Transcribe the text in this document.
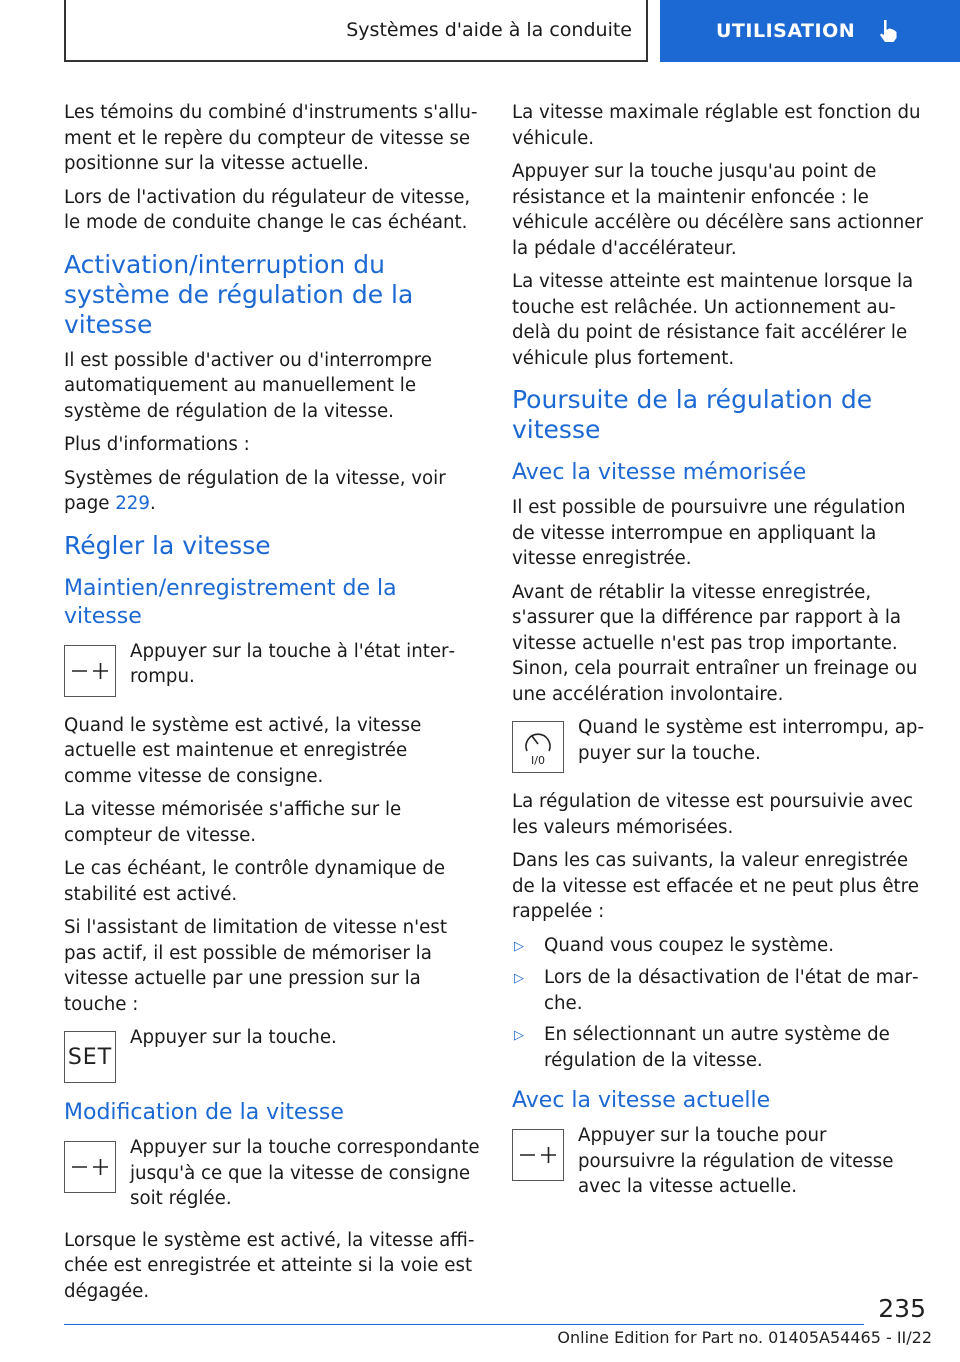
Systèmes d'aide à la conduite	UTILISATION

Les témoins du combiné d'instruments s'allument et le repère du compteur de vitesse se positionne sur la vitesse actuelle.

Lors de l'activation du régulateur de vitesse, le mode de conduite change le cas échéant.

Activation/interruption du système de régulation de la vitesse

Il est possible d'activer ou d'interrompre automatiquement au manuellement le système de régulation de la vitesse.

Plus d'informations :

Systèmes de régulation de la vitesse, voir page 229.

Régler la vitesse
Maintien/enregistrement de la vitesse

Appuyer sur la touche à l'état interrompu.

Quand le système est activé, la vitesse actuelle est maintenue et enregistrée comme vitesse de consigne.

La vitesse mémorisée s'affiche sur le compteur de vitesse.

Le cas échéant, le contrôle dynamique de stabilité est activé.

Si l'assistant de limitation de vitesse n'est pas actif, il est possible de mémoriser la vitesse actuelle par une pression sur la touche :

SET

Appuyer sur la touche.

Modification de la vitesse

Appuyer sur la touche correspondante jusqu'à ce que la vitesse de consigne soit réglée.

Lorsque le système est activé, la vitesse affichée est enregistrée et atteinte si la voie est dégagée.

La vitesse maximale réglable est fonction du véhicule.

Appuyer sur la touche jusqu'au point de résistance et la maintenir enfoncée : le véhicule accélère ou décélère sans actionner la pédale d'accélérateur.

La vitesse atteinte est maintenue lorsque la touche est relâchée. Un actionnement au-delà du point de résistance fait accélérer le véhicule plus fortement.

Poursuite de la régulation de vitesse
Avec la vitesse mémorisée

Il est possible de poursuivre une régulation de vitesse interrompue en appliquant la vitesse enregistrée.

Avant de rétablir la vitesse enregistrée, s'assurer que la différence par rapport à la vitesse actuelle n'est pas trop importante. Sinon, cela pourrait entraîner un freinage ou une accélération involontaire.

I/0

Quand le système est interrompu, appuyer sur la touche.

La régulation de vitesse est poursuivie avec les valeurs mémorisées.

Dans les cas suivants, la valeur enregistrée de la vitesse est effacée et ne peut plus être rappelée :

▷	Quand vous coupez le système.
▷	Lors de la désactivation de l'état de marche.
▷	En sélectionnant un autre système de régulation de la vitesse.
Avec la vitesse actuelle

Appuyer sur la touche pour poursuivre la régulation de vitesse avec la vitesse actuelle.

235
Online Edition for Part no. 01405A54465 - II/22
